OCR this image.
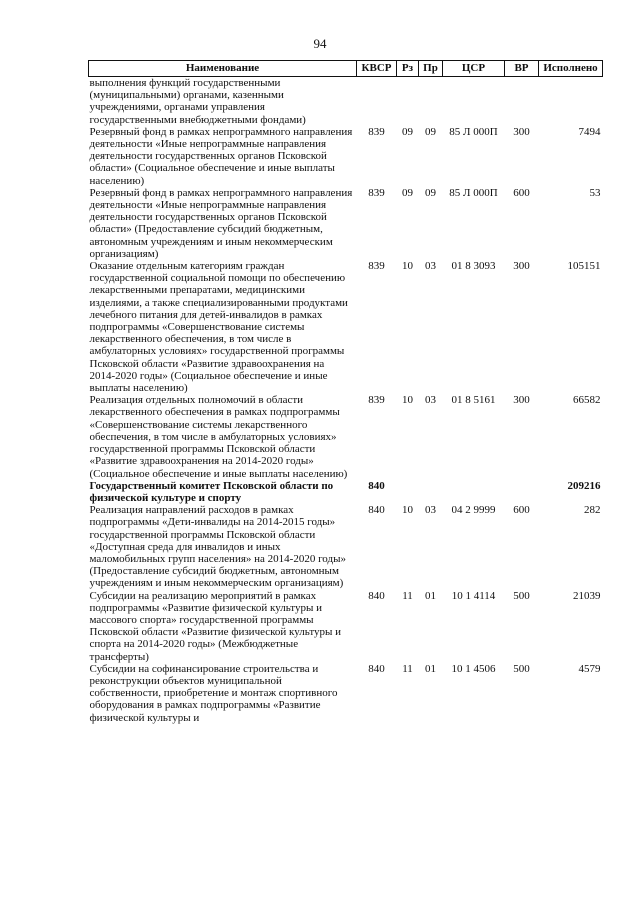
94
Наименование	КВСР	Рз	Пр	ЦСР	ВР	Исполнено
выполнения функций государственными (муниципальными) органами, казенными учреждениями, органами управления государственными внебюджетными фондами)						
Резервный фонд в рамках непрограммного направления деятельности «Иные непрограммные направления деятельности государственных органов Псковской области» (Социальное обеспечение и иные выплаты населению)	839	09	09	85 Л 000П	300	7494
Резервный фонд в рамках непрограммного направления деятельности «Иные непрограммные направления деятельности государственных органов Псковской области» (Предоставление субсидий бюджетным, автономным учреждениям и иным некоммерческим организациям)	839	09	09	85 Л 000П	600	53
Оказание отдельным категориям граждан государственной социальной помощи по обеспечению лекарственными препаратами, медицинскими изделиями, а также специализированными продуктами лечебного питания для детей-инвалидов в рамках подпрограммы «Совершенствование системы лекарственного обеспечения, в том числе в амбулаторных условиях» государственной программы Псковской области «Развитие здравоохранения на 2014-2020 годы» (Социальное обеспечение и иные выплаты населению)	839	10	03	01 8 3093	300	105151
Реализация отдельных полномочий в области лекарственного обеспечения в рамках подпрограммы «Совершенствование системы лекарственного обеспечения, в том числе в амбулаторных условиях» государственной программы Псковской области «Развитие здравоохранения на 2014-2020 годы» (Социальное обеспечение и иные выплаты населению)	839	10	03	01 8 5161	300	66582
Государственный комитет Псковской области по физической культуре и спорту	840					209216
Реализация направлений расходов в рамках подпрограммы «Дети-инвалиды на 2014-2015 годы» государственной программы Псковской области «Доступная среда для инвалидов и иных маломобильных групп населения» на 2014-2020 годы» (Предоставление субсидий бюджетным, автономным учреждениям и иным некоммерческим организациям)	840	10	03	04 2 9999	600	282
Субсидии на реализацию мероприятий в рамках подпрограммы «Развитие физической культуры и массового спорта» государственной программы Псковской области «Развитие физической культуры и спорта на 2014-2020 годы» (Межбюджетные трансферты)	840	11	01	10 1 4114	500	21039
Субсидии на софинансирование строительства и реконструкции объектов муниципальной собственности, приобретение и монтаж спортивного оборудования в рамках подпрограммы «Развитие физической культуры и	840	11	01	10 1 4506	500	4579
